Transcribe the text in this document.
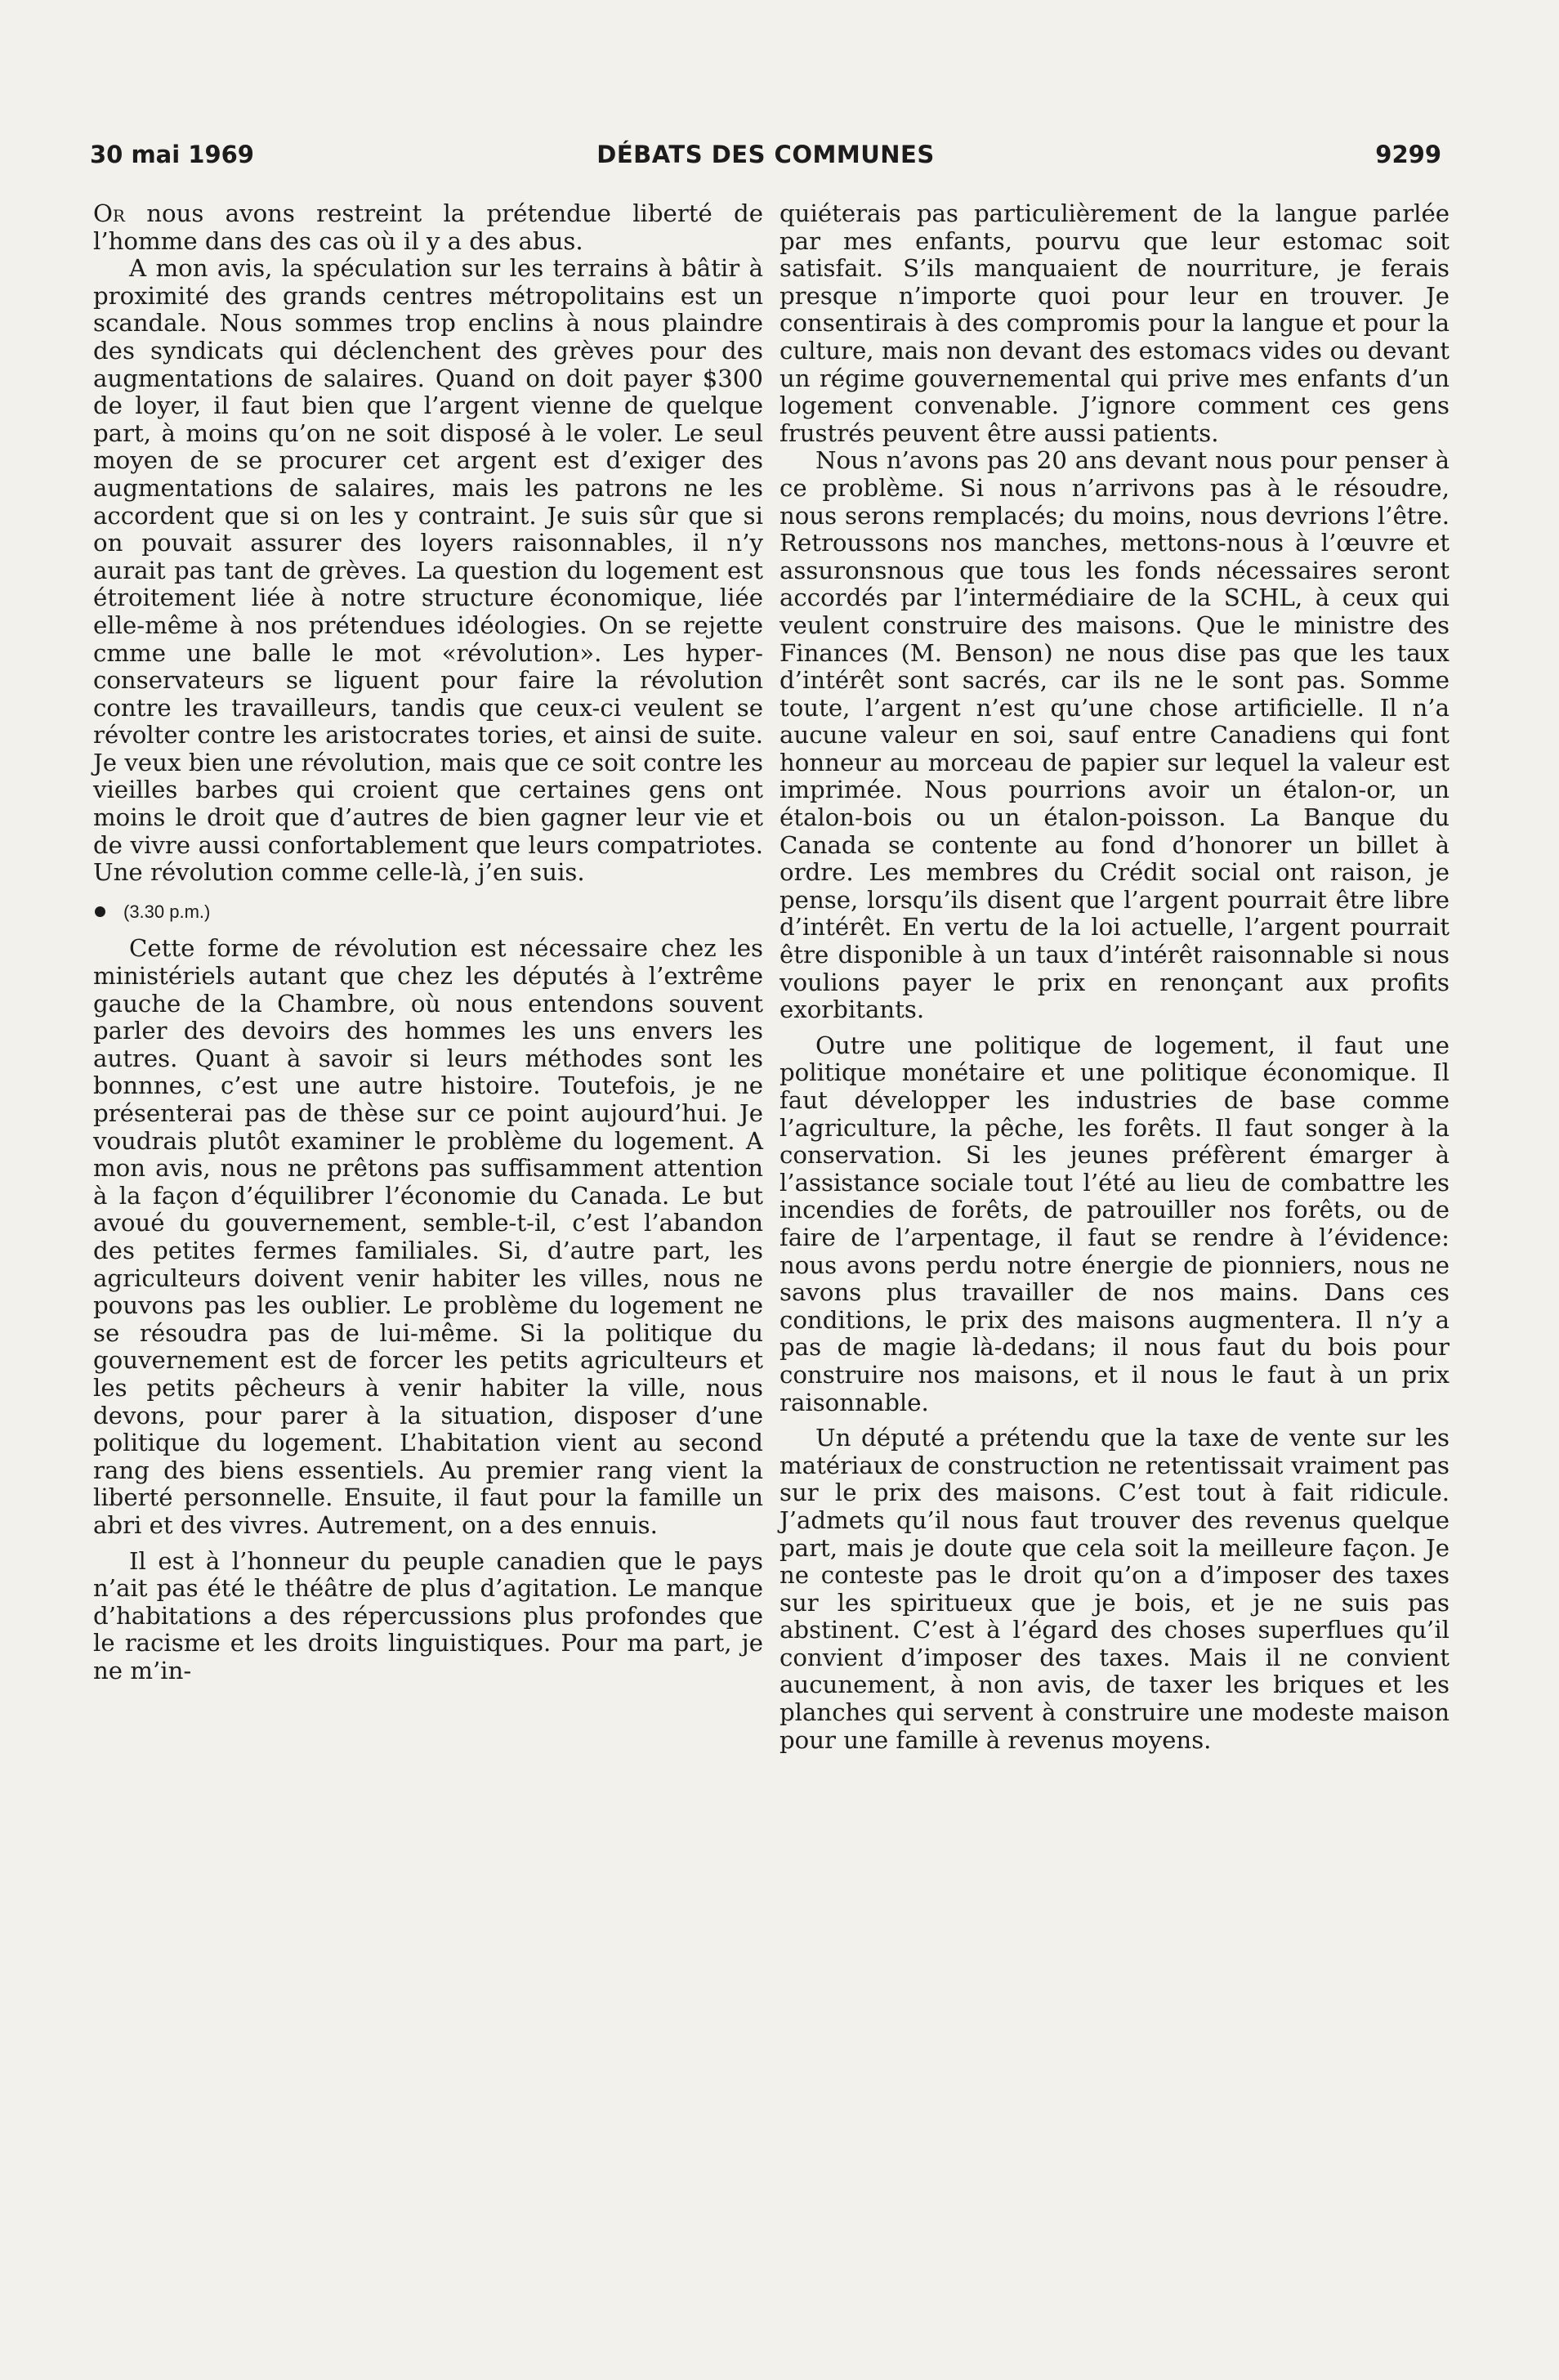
30 mai 1969	DÉBATS DES COMMUNES	9299

Or nous avons restreint la prétendue liberté de l’homme dans des cas où il y a des abus.

A mon avis, la spéculation sur les terrains à bâtir à proximité des grands centres métropolitains est un scandale. Nous sommes trop enclins à nous plaindre des syndicats qui déclenchent des grèves pour des augmentations de salaires. Quand on doit payer $300 de loyer, il faut bien que l’argent vienne de quelque part, à moins qu’on ne soit disposé à le voler. Le seul moyen de se procurer cet argent est d’exiger des augmentations de salaires, mais les patrons ne les accordent que si on les y contraint. Je suis sûr que si on pouvait assurer des loyers raisonnables, il n’y aurait pas tant de grèves. La question du logement est étroitement liée à notre structure économique, liée elle-même à nos prétendues idéologies. On se rejette cmme une balle le mot «révolution». Les hyper-conservateurs se liguent pour faire la révolution contre les travailleurs, tandis que ceux-ci veulent se révolter contre les aristocrates tories, et ainsi de suite. Je veux bien une révolution, mais que ce soit contre les vieilles barbes qui croient que certaines gens ont moins le droit que d’autres de bien gagner leur vie et de vivre aussi confortablement que leurs compatriotes. Une révolution comme celle-là, j’en suis.

(3.30 p.m.)

Cette forme de révolution est nécessaire chez les ministériels autant que chez les députés à l’extrême gauche de la Chambre, où nous entendons souvent parler des devoirs des hommes les uns envers les autres. Quant à savoir si leurs méthodes sont les bonnnes, c’est une autre histoire. Toutefois, je ne présenterai pas de thèse sur ce point aujourd’hui. Je voudrais plutôt examiner le problème du logement. A mon avis, nous ne prêtons pas suffisamment attention à la façon d’équilibrer l’économie du Canada. Le but avoué du gouvernement, semble-t-il, c’est l’abandon des petites fermes familiales. Si, d’autre part, les agriculteurs doivent venir habiter les villes, nous ne pouvons pas les oublier. Le problème du logement ne se résoudra pas de lui-même. Si la politique du gouvernement est de forcer les petits agriculteurs et les petits pêcheurs à venir habiter la ville, nous devons, pour parer à la situation, disposer d’une politique du logement. L’habitation vient au second rang des biens essentiels. Au premier rang vient la liberté personnelle. Ensuite, il faut pour la famille un abri et des vivres. Autrement, on a des ennuis.

Il est à l’honneur du peuple canadien que le pays n’ait pas été le théâtre de plus d’agitation. Le manque d’habitations a des répercussions plus profondes que le racisme et les droits linguistiques. Pour ma part, je ne m’in-

quiéterais pas particulièrement de la langue parlée par mes enfants, pourvu que leur estomac soit satisfait. S’ils manquaient de nourriture, je ferais presque n’importe quoi pour leur en trouver. Je consentirais à des compromis pour la langue et pour la culture, mais non devant des estomacs vides ou devant un régime gouvernemental qui prive mes enfants d’un logement convenable. J’ignore comment ces gens frustrés peuvent être aussi patients.

Nous n’avons pas 20 ans devant nous pour penser à ce problème. Si nous n’arrivons pas à le résoudre, nous serons remplacés; du moins, nous devrions l’être. Retroussons nos manches, mettons-nous à l’œuvre et assuronsnous que tous les fonds nécessaires seront accordés par l’intermédiaire de la SCHL, à ceux qui veulent construire des maisons. Que le ministre des Finances (M. Benson) ne nous dise pas que les taux d’intérêt sont sacrés, car ils ne le sont pas. Somme toute, l’argent n’est qu’une chose artificielle. Il n’a aucune valeur en soi, sauf entre Canadiens qui font honneur au morceau de papier sur lequel la valeur est imprimée. Nous pourrions avoir un étalon-or, un étalon-bois ou un étalon-poisson. La Banque du Canada se contente au fond d’honorer un billet à ordre. Les membres du Crédit social ont raison, je pense, lorsqu’ils disent que l’argent pourrait être libre d’intérêt. En vertu de la loi actuelle, l’argent pourrait être disponible à un taux d’intérêt raisonnable si nous voulions payer le prix en renonçant aux profits exorbitants.

Outre une politique de logement, il faut une politique monétaire et une politique économique. Il faut développer les industries de base comme l’agriculture, la pêche, les forêts. Il faut songer à la conservation. Si les jeunes préfèrent émarger à l’assistance sociale tout l’été au lieu de combattre les incendies de forêts, de patrouiller nos forêts, ou de faire de l’arpentage, il faut se rendre à l’évidence: nous avons perdu notre énergie de pionniers, nous ne savons plus travailler de nos mains. Dans ces conditions, le prix des maisons augmentera. Il n’y a pas de magie là-dedans; il nous faut du bois pour construire nos maisons, et il nous le faut à un prix raisonnable.

Un député a prétendu que la taxe de vente sur les matériaux de construction ne retentissait vraiment pas sur le prix des maisons. C’est tout à fait ridicule. J’admets qu’il nous faut trouver des revenus quelque part, mais je doute que cela soit la meilleure façon. Je ne conteste pas le droit qu’on a d’imposer des taxes sur les spiritueux que je bois, et je ne suis pas abstinent. C’est à l’égard des choses superflues qu’il convient d’imposer des taxes. Mais il ne convient aucunement, à non avis, de taxer les briques et les planches qui servent à construire une modeste maison pour une famille à revenus moyens.
